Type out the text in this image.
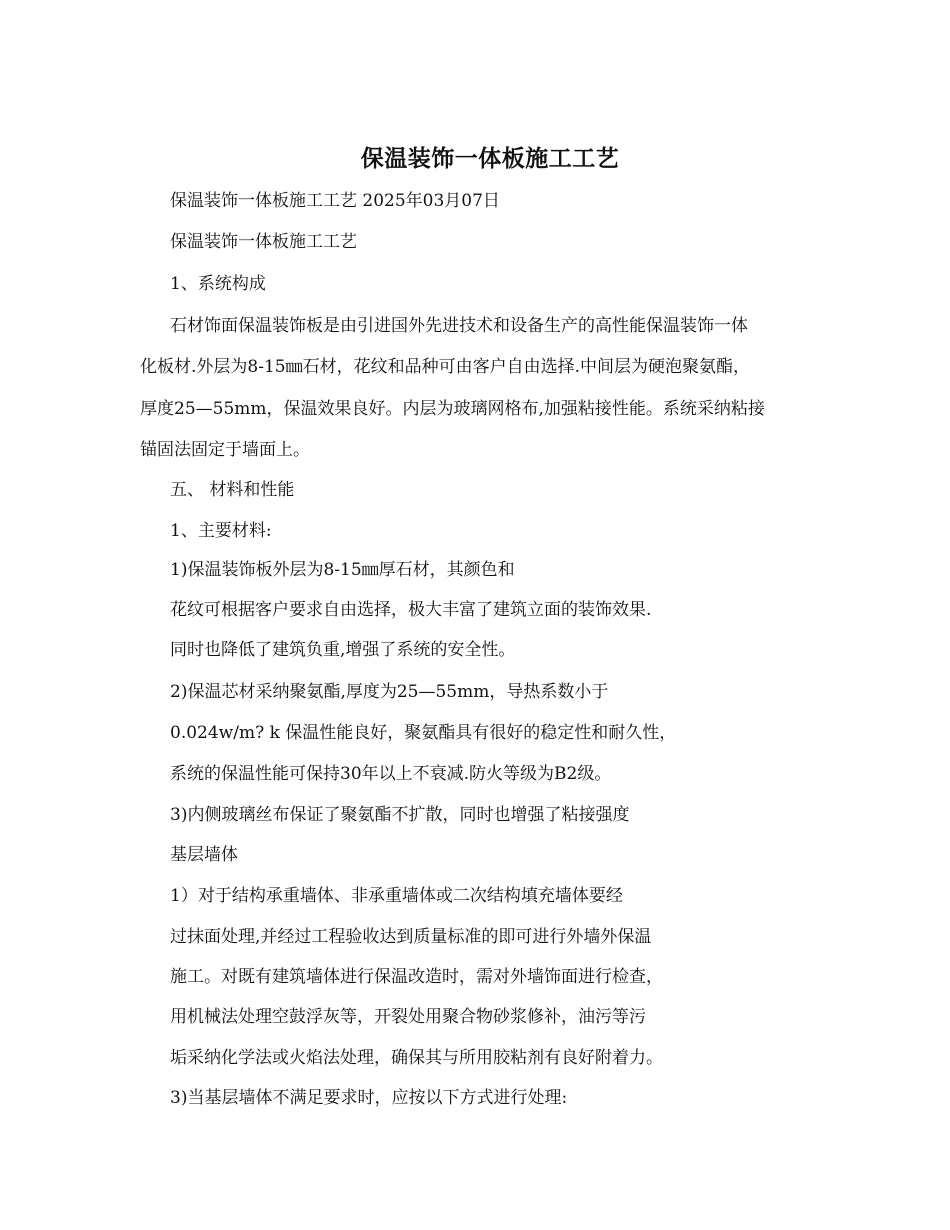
保温装饰一体板施工工艺
保温装饰一体板施工工艺 2025年03月07日
保温装饰一体板施工工艺
1、系统构成
石材饰面保温装饰板是由引进国外先进技术和设备生产的高性能保温装饰一体
化板材.外层为8-15㎜石材，花纹和品种可由客户自由选择.中间层为硬泡聚氨酯，
厚度25—55mm，保温效果良好。内层为玻璃网格布,加强粘接性能。系统采纳粘接
锚固法固定于墙面上。
五、 材料和性能
1、主要材料:
1)保温装饰板外层为8-15㎜厚石材，其颜色和
花纹可根据客户要求自由选择，极大丰富了建筑立面的装饰效果.
同时也降低了建筑负重,增强了系统的安全性。
2)保温芯材采纳聚氨酯,厚度为25—55mm，导热系数小于
0.024w/m? k 保温性能良好，聚氨酯具有很好的稳定性和耐久性，
系统的保温性能可保持30年以上不衰减.防火等级为B2级。
3)内侧玻璃丝布保证了聚氨酯不扩散，同时也增强了粘接强度
基层墙体
1）对于结构承重墙体、非承重墙体或二次结构填充墙体要经
过抹面处理,并经过工程验收达到质量标准的即可进行外墙外保温
施工。对既有建筑墙体进行保温改造时，需对外墙饰面进行检查，
用机械法处理空鼓浮灰等，开裂处用聚合物砂浆修补，油污等污
垢采纳化学法或火焰法处理，确保其与所用胶粘剂有良好附着力。
3)当基层墙体不满足要求时，应按以下方式进行处理:
